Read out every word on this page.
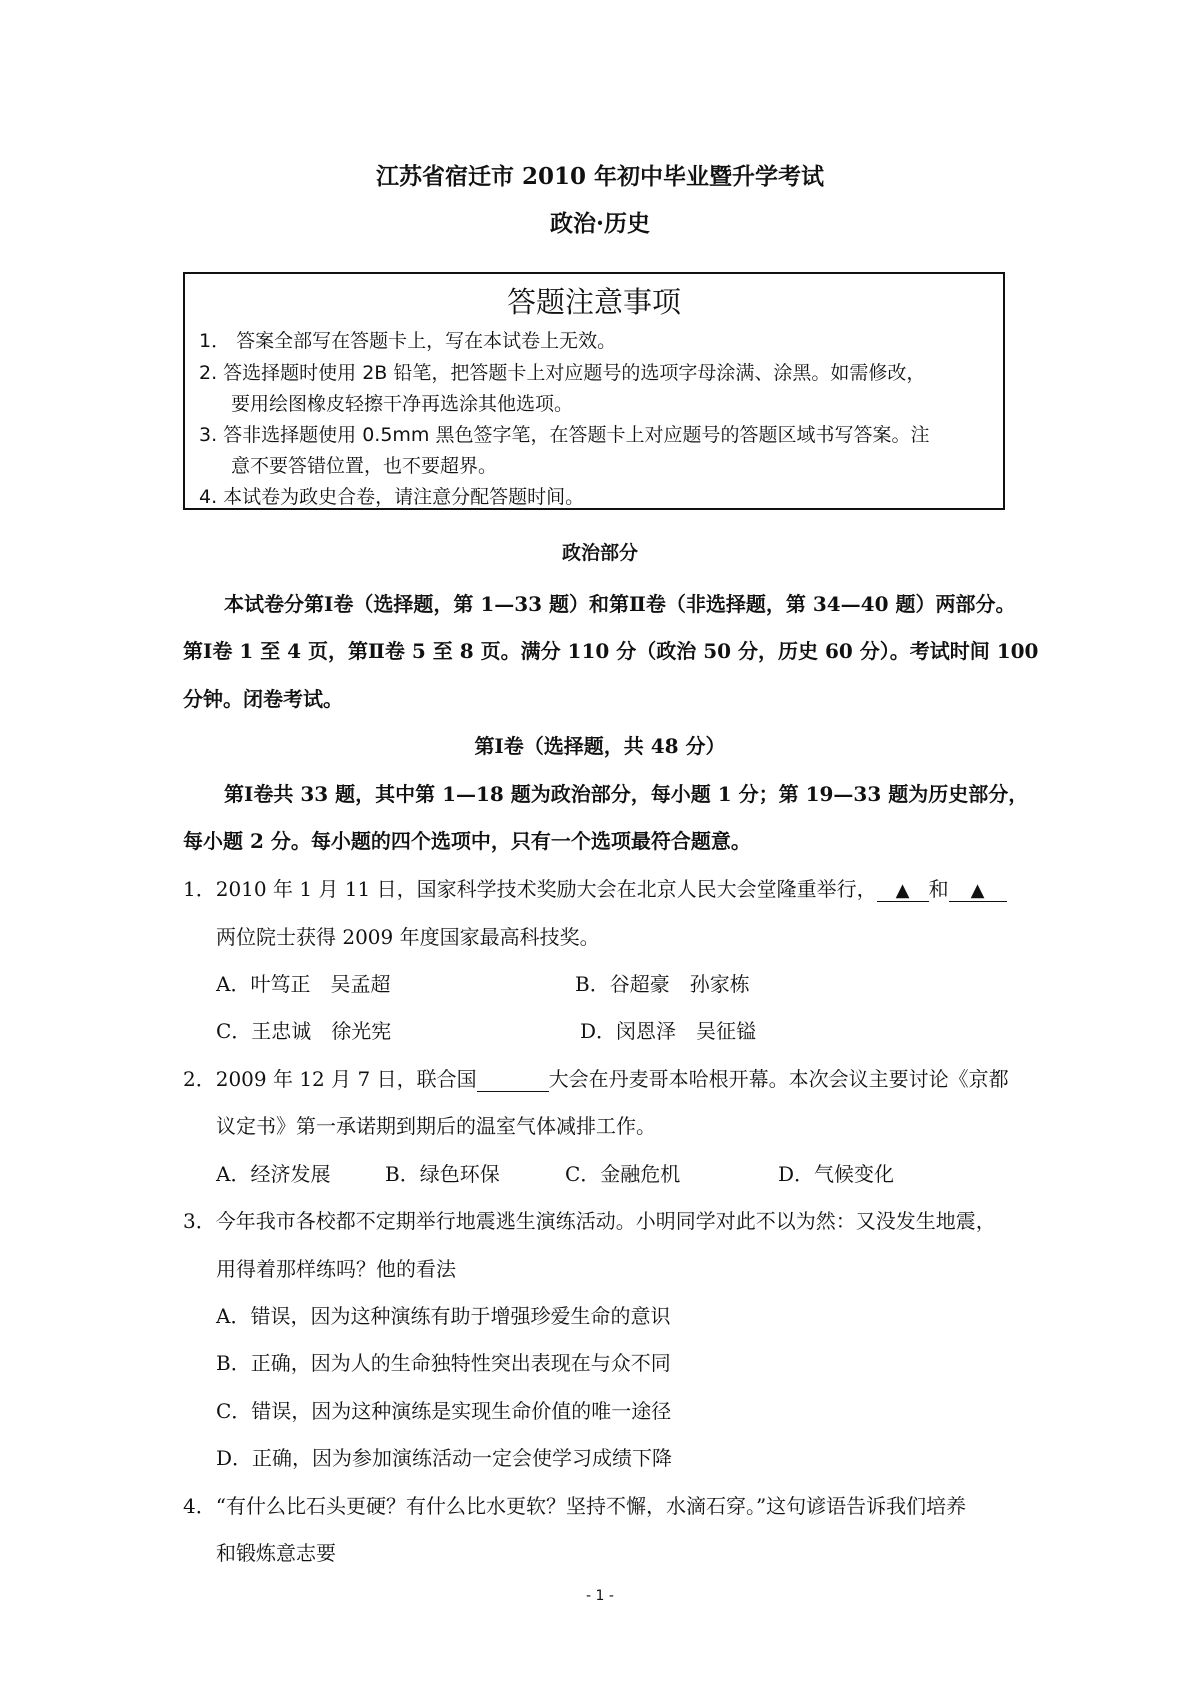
江苏省宿迁市 2010 年初中毕业暨升学考试
政治·历史
答题注意事项
1． 答案全部写在答题卡上，写在本试卷上无效。
2. 答选择题时使用 2B 铅笔，把答题卡上对应题号的选项字母涂满、涂黑。如需修改，
要用绘图橡皮轻擦干净再选涂其他选项。
3. 答非选择题使用 0.5mm 黑色签字笔，在答题卡上对应题号的答题区域书写答案。注
意不要答错位置，也不要超界。
4. 本试卷为政史合卷，请注意分配答题时间。
政治部分
本试卷分第Ⅰ卷（选择题，第 1—33 题）和第Ⅱ卷（非选择题，第 34—40 题）两部分。
第Ⅰ卷 1 至 4 页，第Ⅱ卷 5 至 8 页。满分 110 分（政治 50 分，历史 60 分）。考试时间 100
分钟。闭卷考试。
第Ⅰ卷（选择题，共 48 分）
第Ⅰ卷共 33 题，其中第 1—18 题为政治部分，每小题 1 分；第 19—33 题为历史部分，
每小题 2 分。每小题的四个选项中，只有一个选项最符合题意。
1．2010 年 1 月 11 日，国家科学技术奖励大会在北京人民大会堂隆重举行， ▲ 和 ▲
两位院士获得 2009 年度国家最高科技奖。
A．叶笃正　吴孟超	B．谷超豪　孙家栋
C．王忠诚　徐光宪	D．闵恩泽　吴征镒
2．2009 年 12 月 7 日，联合国	大会在丹麦哥本哈根开幕。本次会议主要讨论《京都
议定书》第一承诺期到期后的温室气体减排工作。
A．经济发展	B．绿色环保	C．金融危机	D．气候变化
3．今年我市各校都不定期举行地震逃生演练活动。小明同学对此不以为然：又没发生地震，
用得着那样练吗？他的看法
A．错误，因为这种演练有助于增强珍爱生命的意识
B．正确，因为人的生命独特性突出表现在与众不同
C．错误，因为这种演练是实现生命价值的唯一途径
D．正确，因为参加演练活动一定会使学习成绩下降
4．“有什么比石头更硬？有什么比水更软？坚持不懈，水滴石穿。”这句谚语告诉我们培养
和锻炼意志要
- 1 -
